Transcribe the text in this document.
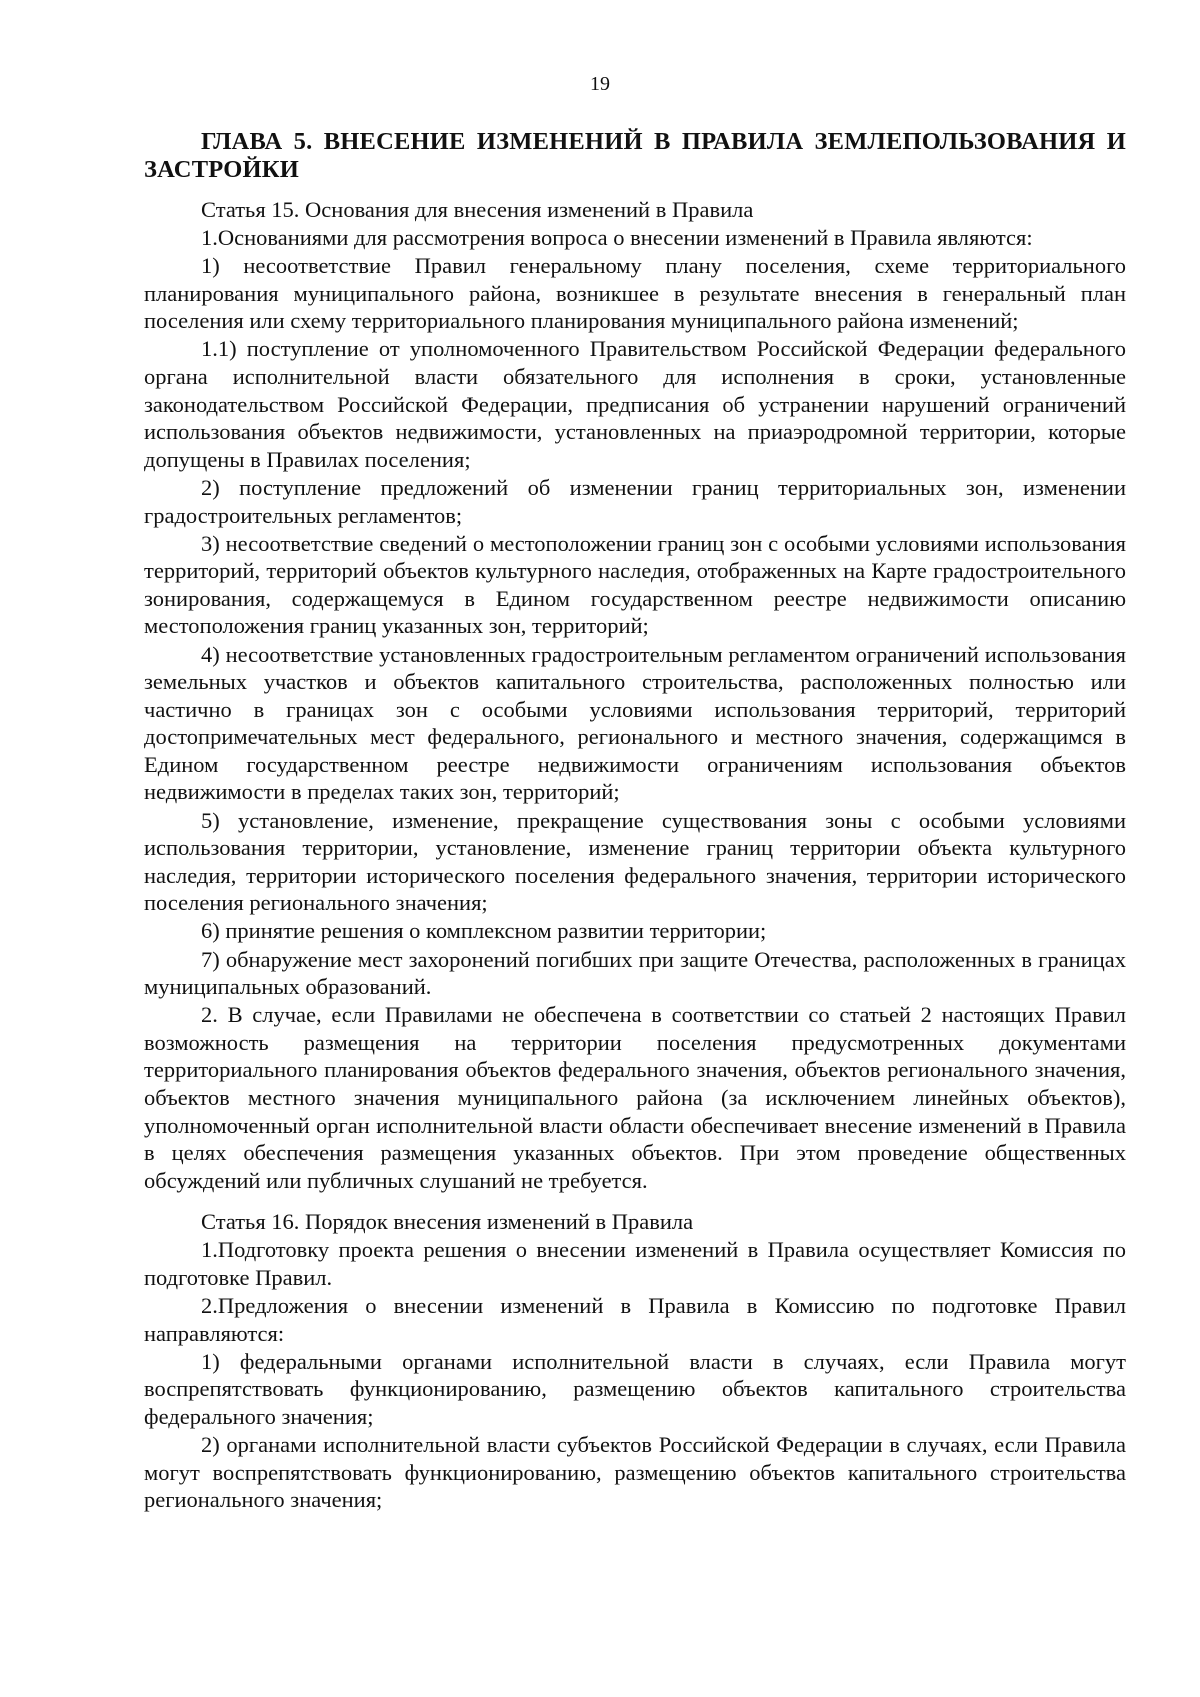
19
ГЛАВА 5. ВНЕСЕНИЕ ИЗМЕНЕНИЙ В ПРАВИЛА ЗЕМЛЕПОЛЬЗОВАНИЯ И ЗАСТРОЙКИ
Статья 15. Основания для внесения изменений в Правила
1.Основаниями для рассмотрения вопроса о внесении изменений в Правила являются:
1) несоответствие Правил генеральному плану поселения, схеме территориального планирования муниципального района, возникшее в результате внесения в генеральный план поселения или схему территориального планирования муниципального района изменений;
1.1) поступление от уполномоченного Правительством Российской Федерации федерального органа исполнительной власти обязательного для исполнения в сроки, установленные законодательством Российской Федерации, предписания об устранении нарушений ограничений использования объектов недвижимости, установленных на приаэродромной территории, которые допущены в Правилах поселения;
2) поступление предложений об изменении границ территориальных зон, изменении градостроительных регламентов;
3) несоответствие сведений о местоположении границ зон с особыми условиями использования территорий, территорий объектов культурного наследия, отображенных на Карте градостроительного зонирования, содержащемуся в Едином государственном реестре недвижимости описанию местоположения границ указанных зон, территорий;
4) несоответствие установленных градостроительным регламентом ограничений использования земельных участков и объектов капитального строительства, расположенных полностью или частично в границах зон с особыми условиями использования территорий, территорий достопримечательных мест федерального, регионального и местного значения, содержащимся в Едином государственном реестре недвижимости ограничениям использования объектов недвижимости в пределах таких зон, территорий;
5) установление, изменение, прекращение существования зоны с особыми условиями использования территории, установление, изменение границ территории объекта культурного наследия, территории исторического поселения федерального значения, территории исторического поселения регионального значения;
6) принятие решения о комплексном развитии территории;
7) обнаружение мест захоронений погибших при защите Отечества, расположенных в границах муниципальных образований.
2. В случае, если Правилами не обеспечена в соответствии со статьей 2 настоящих Правил возможность размещения на территории поселения предусмотренных документами территориального планирования объектов федерального значения, объектов регионального значения, объектов местного значения муниципального района (за исключением линейных объектов), уполномоченный орган исполнительной власти области обеспечивает внесение изменений в Правила в целях обеспечения размещения указанных объектов. При этом проведение общественных обсуждений или публичных слушаний не требуется.
Статья 16. Порядок внесения изменений в Правила
1.Подготовку проекта решения о внесении изменений в Правила осуществляет Комиссия по подготовке Правил.
2.Предложения о внесении изменений в Правила в Комиссию по подготовке Правил направляются:
1) федеральными органами исполнительной власти в случаях, если Правила могут воспрепятствовать функционированию, размещению объектов капитального строительства федерального значения;
2) органами исполнительной власти субъектов Российской Федерации в случаях, если Правила могут воспрепятствовать функционированию, размещению объектов капитального строительства регионального значения;
